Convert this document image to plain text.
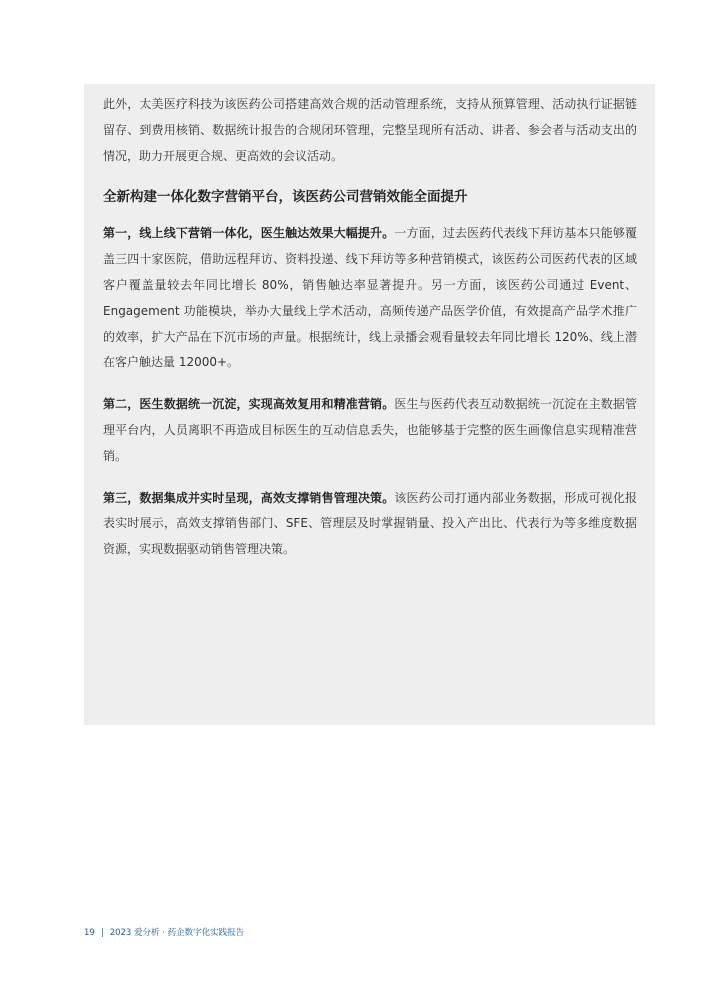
此外，太美医疗科技为该医药公司搭建高效合规的活动管理系统，支持从预算管理、活动执行证据链留存、到费用核销、数据统计报告的合规闭环管理，完整呈现所有活动、讲者、参会者与活动支出的情况，助力开展更合规、更高效的会议活动。

全新构建一体化数字营销平台，该医药公司营销效能全面提升

第一，线上线下营销一体化，医生触达效果大幅提升。一方面，过去医药代表线下拜访基本只能够覆盖三四十家医院，借助远程拜访、资料投递、线下拜访等多种营销模式，该医药公司医药代表的区域客户覆盖量较去年同比增长 80%，销售触达率显著提升。另一方面，该医药公司通过 Event、Engagement 功能模块，举办大量线上学术活动，高频传递产品医学价值，有效提高产品学术推广的效率，扩大产品在下沉市场的声量。根据统计，线上录播会观看量较去年同比增长 120%、线上潜在客户触达量 12000+。

第二，医生数据统一沉淀，实现高效复用和精准营销。医生与医药代表互动数据统一沉淀在主数据管理平台内，人员离职不再造成目标医生的互动信息丢失，也能够基于完整的医生画像信息实现精准营销。

第三，数据集成并实时呈现，高效支撑销售管理决策。该医药公司打通内部业务数据，形成可视化报表实时展示，高效支撑销售部门、SFE、管理层及时掌握销量、投入产出比、代表行为等多维度数据资源，实现数据驱动销售管理决策。

19 | 2023 爱分析 · 药企数字化实践报告
